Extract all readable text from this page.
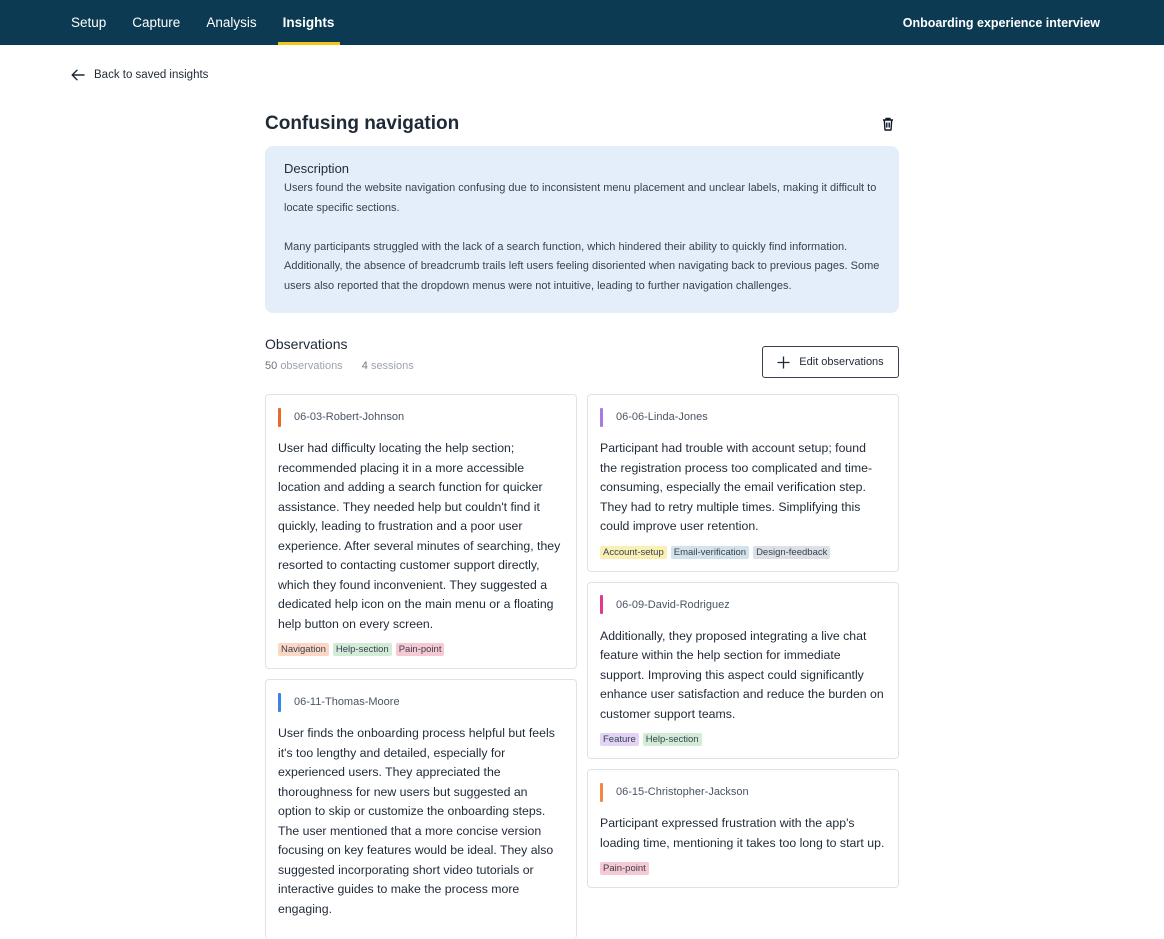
Setup Capture Analysis Insights	Onboarding experience interview
Back to saved insights
Confusing navigation
Description

Users found the website navigation confusing due to inconsistent menu placement and unclear labels, making it difficult to locate specific sections.

Many participants struggled with the lack of a search function, which hindered their ability to quickly find information. Additionally, the absence of breadcrumb trails left users feeling disoriented when navigating back to previous pages. Some users also reported that the dropdown menus were not intuitive, leading to further navigation challenges.

Observations
50 observations 4 sessions	Edit observations
06-03-Robert-Johnson

User had difficulty locating the help section; recommended placing it in a more accessible location and adding a search function for quicker assistance. They needed help but couldn't find it quickly, leading to frustration and a poor user experience. After several minutes of searching, they resorted to contacting customer support directly, which they found inconvenient. They suggested a dedicated help icon on the main menu or a floating help button on every screen.

Navigation	Help-section	Pain-point
06-11-Thomas-Moore

User finds the onboarding process helpful but feels it's too lengthy and detailed, especially for experienced users. They appreciated the thoroughness for new users but suggested an option to skip or customize the onboarding steps. The user mentioned that a more concise version focusing on key features would be ideal. They also suggested incorporating short video tutorials or interactive guides to make the process more engaging.

06-06-Linda-Jones

Participant had trouble with account setup; found the registration process too complicated and time-consuming, especially the email verification step. They had to retry multiple times. Simplifying this could improve user retention.

Account-setup	Email-verification	Design-feedback
06-09-David-Rodriguez

Additionally, they proposed integrating a live chat feature within the help section for immediate support. Improving this aspect could significantly enhance user satisfaction and reduce the burden on customer support teams.

Feature	Help-section
06-15-Christopher-Jackson

Participant expressed frustration with the app's loading time, mentioning it takes too long to start up.

Pain-point
